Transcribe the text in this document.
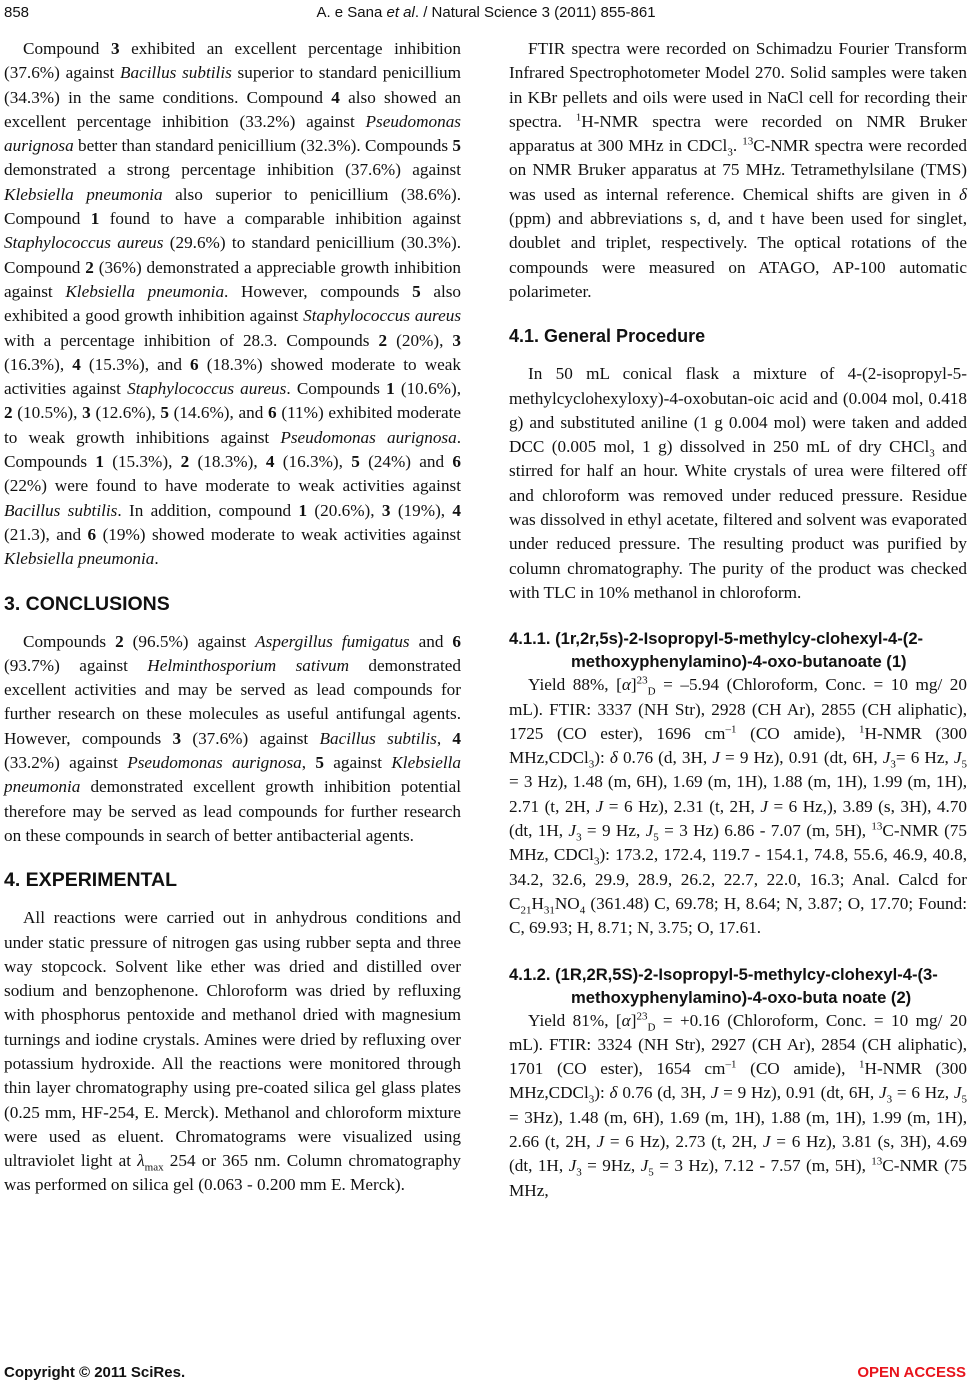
858	A. e Sana et al. / Natural Science 3 (2011) 855-861

Compound 3 exhibited an excellent percentage inhibition (37.6%) against Bacillus subtilis superior to standard penicillium (34.3%) in the same conditions. Compound 4 also showed an excellent percentage inhibition (33.2%) against Pseudomonas aurignosa better than standard penicillium (32.3%). Compounds 5 demonstrated a strong percentage inhibition (37.6%) against Klebsiella pneumonia also superior to penicillium (38.6%). Compound 1 found to have a comparable inhibition against Staphylococcus aureus (29.6%) to standard penicillium (30.3%). Compound 2 (36%) demonstrated a appreciable growth inhibition against Klebsiella pneumonia. However, compounds 5 also exhibited a good growth inhibition against Staphylococcus aureus with a percentage inhibition of 28.3. Compounds 2 (20%), 3 (16.3%), 4 (15.3%), and 6 (18.3%) showed moderate to weak activities against Staphylococcus aureus. Compounds 1 (10.6%), 2 (10.5%), 3 (12.6%), 5 (14.6%), and 6 (11%) exhibited moderate to weak growth inhibitions against Pseudomonas aurignosa. Compounds 1 (15.3%), 2 (18.3%), 4 (16.3%), 5 (24%) and 6 (22%) were found to have moderate to weak activities against Bacillus subtilis. In addition, compound 1 (20.6%), 3 (19%), 4 (21.3), and 6 (19%) showed moderate to weak activities against Klebsiella pneumonia.

3. CONCLUSIONS

Compounds 2 (96.5%) against Aspergillus fumigatus and 6 (93.7%) against Helminthosporium sativum demonstrated excellent activities and may be served as lead compounds for further research on these molecules as useful antifungal agents. However, compounds 3 (37.6%) against Bacillus subtilis, 4 (33.2%) against Pseudomonas aurignosa, 5 against Klebsiella pneumonia demonstrated excellent growth inhibition potential therefore may be served as lead compounds for further research on these compounds in search of better antibacterial agents.

4. EXPERIMENTAL

All reactions were carried out in anhydrous conditions and under static pressure of nitrogen gas using rubber septa and three way stopcock. Solvent like ether was dried and distilled over sodium and benzophenone. Chloroform was dried by refluxing with phosphorus pentoxide and methanol dried with magnesium turnings and iodine crystals. Amines were dried by refluxing over potassium hydroxide. All the reactions were monitored through thin layer chromatography using pre-coated silica gel glass plates (0.25 mm, HF-254, E. Merck). Methanol and chloroform mixture were used as eluent. Chromatograms were visualized using ultraviolet light at $\lambda_{max}$ 254 or 365 nm. Column chromatography was performed on silica gel (0.063 - 0.200 mm E. Merck).

FTIR spectra were recorded on Schimadzu Fourier Transform Infrared Spectrophotometer Model 270. Solid samples were taken in KBr pellets and oils were used in NaCl cell for recording their spectra. $^1$H-NMR spectra were recorded on NMR Bruker apparatus at 300 MHz in CDCl$_3$. $^{13}$C-NMR spectra were recorded on NMR Bruker apparatus at 75 MHz. Tetramethylsilane (TMS) was used as internal reference. Chemical shifts are given in δ (ppm) and abbreviations s, d, and t have been used for singlet, doublet and triplet, respectively. The optical rotations of the compounds were measured on ATAGO, AP-100 automatic polarimeter.

4.1. General Procedure

In 50 mL conical flask a mixture of 4-(2-isopropyl-5-methylcyclohexyloxy)-4-oxobutan-oic acid and (0.004 mol, 0.418 g) and substituted aniline (1 g 0.004 mol) were taken and added DCC (0.005 mol, 1 g) dissolved in 250 mL of dry CHCl$_3$ and stirred for half an hour. White crystals of urea were filtered off and chloroform was removed under reduced pressure. Residue was dissolved in ethyl acetate, filtered and solvent was evaporated under reduced pressure. The resulting product was purified by column chromatography. The purity of the product was checked with TLC in 10% methanol in chloroform.

4.1.1. (1r,2r,5s)-2-Isopropyl-5-methylcy-clohexyl-4-(2-methoxyphenylamino)-4-oxo-butanoate (1)

Yield 88%, $[\alpha]^{23}_D = -5.94$ (Chloroform, Conc. = 10 mg/ 20 mL). FTIR: 3337 (NH Str), 2928 (CH Ar), 2855 (CH aliphatic), 1725 (CO ester), 1696 $cm^{-1}$ (CO amide), $^1$H-NMR (300 MHz,CDCl$_3$): δ 0.76 (d, 3H, J = 9 Hz), 0.91 (dt, 6H, $J_3= 6$ Hz, $J_5 = 3$ Hz), 1.48 (m, 6H), 1.69 (m, 1H), 1.88 (m, 1H), 1.99 (m, 1H), 2.71 (t, 2H, J = 6 Hz), 2.31 (t, 2H, J = 6 Hz,), 3.89 (s, 3H), 4.70 (dt, 1H, $J_3 = 9$ Hz, $J_5 = 3$ Hz) 6.86 - 7.07 (m, 5H), $^{13}$C-NMR (75 MHz, CDCl$_3$): 173.2, 172.4, 119.7 - 154.1, 74.8, 55.6, 46.9, 40.8, 34.2, 32.6, 29.9, 28.9, 26.2, 22.7, 22.0, 16.3; Anal. Calcd for $C_{21}H_{31}NO_4$ (361.48) C, 69.78; H, 8.64; N, 3.87; O, 17.70; Found: C, 69.93; H, 8.71; N, 3.75; O, 17.61.

4.1.2. (1R,2R,5S)-2-Isopropyl-5-methylcy-clohexyl-4-(3-methoxyphenylamino)-4-oxo-buta noate (2)

Yield 81%, $[\alpha]^{23}_D = +0.16$ (Chloroform, Conc. = 10 mg/ 20 mL). FTIR: 3324 (NH Str), 2927 (CH Ar), 2854 (CH aliphatic), 1701 (CO ester), 1654 $cm^{-1}$ (CO amide), $^1$H-NMR (300 MHz,CDCl$_3$): δ 0.76 (d, 3H, J = 9 Hz), 0.91 (dt, 6H, $J_3 = 6$ Hz, $J_5 = 3Hz$), 1.48 (m, 6H), 1.69 (m, 1H), 1.88 (m, 1H), 1.99 (m, 1H), 2.66 (t, 2H, J = 6 Hz), 2.73 (t, 2H, J = 6 Hz), 3.81 (s, 3H), 4.69 (dt, 1H, $J_3 = 9Hz$, $J_5 = 3$ Hz), 7.12 - 7.57 (m, 5H), $^{13}$C-NMR (75 MHz,

Copyright © 2011 SciRes.	OPEN ACCESS
